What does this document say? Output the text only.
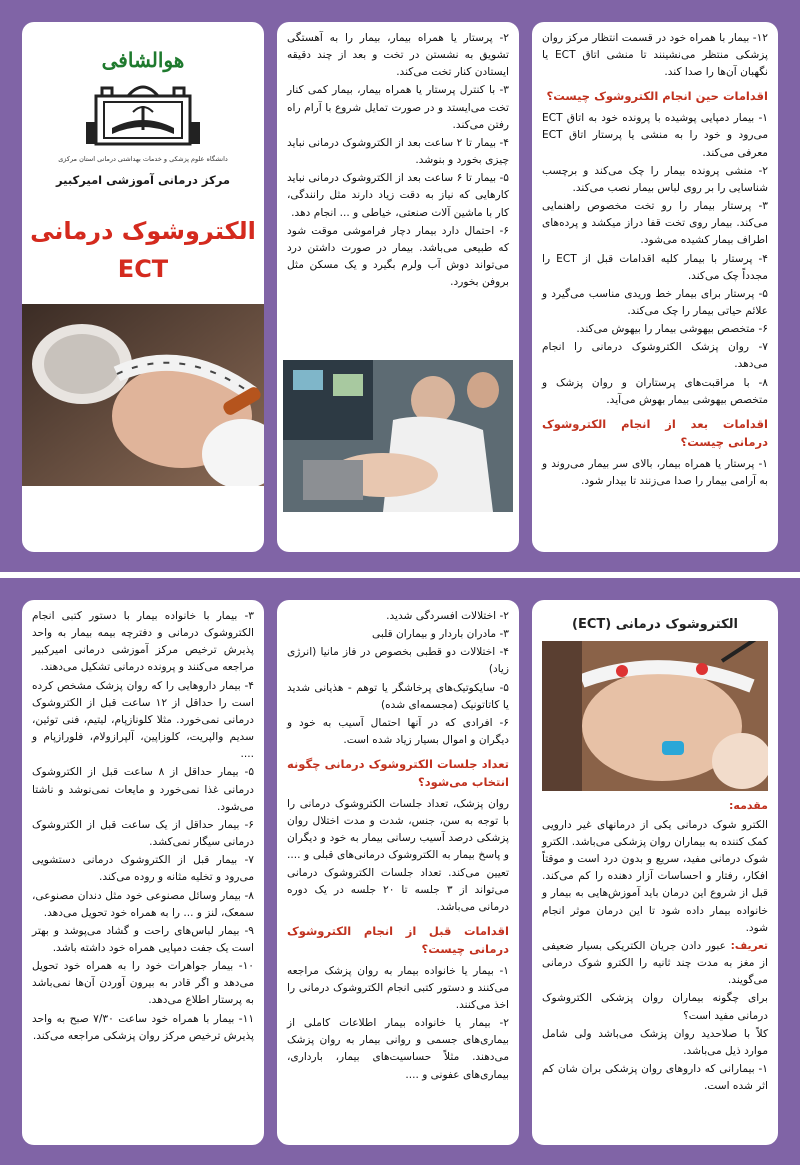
هوالشافی
دانشگاه علوم پزشکی و خدمات بهداشتی درمانی استان مرکزی
مرکز درمانی آموزشی امیرکبیر
الکتروشوک درمانی ECT

۲- پرستار یا همراه بیمار، بیمار را به آهستگی تشویق به نشستن در تخت و بعد از چند دقیقه ایستادن کنار تخت می‌کند.

۳- با کنترل پرستار یا همراه بیمار، بیمار کمی کنار تخت می‌ایستد و در صورت تمایل شروع با آرام راه رفتن می‌کند.

۴- بیمار تا ۲ ساعت بعد از الکتروشوک درمانی نباید چیزی بخورد و بنوشد.

۵- بیمار تا ۶ ساعت بعد از الکتروشوک درمانی نباید کارهایی که نیاز به دقت زیاد دارند مثل رانندگی، کار با ماشین آلات صنعتی، خیاطی و ... انجام دهد.

۶- احتمال دارد بیمار دچار فراموشی موقت شود که طبیعی می‌باشد. بیمار در صورت داشتن درد می‌تواند دوش آب ولرم بگیرد و یک مسکن مثل بروفن بخورد.

۱۲- بیمار با همراه خود در قسمت انتظار مرکز روان پزشکی منتظر می‌نشینند تا منشی اتاق ECT یا نگهبان آن‌ها را صدا کند.

اقدامات حین انجام الکتروشوک چیست؟

۱- بیمار دمپایی پوشیده با پرونده خود به اتاق ECT می‌رود و خود را به منشی یا پرستار اتاق ECT معرفی می‌کند.

۲- منشی پرونده بیمار را چک می‌کند و برچسب شناسایی را بر روی لباس بیمار نصب می‌کند.

۳- پرستار بیمار را رو تخت مخصوص راهنمایی می‌کند. بیمار روی تخت قفا دراز میکشد و پرده‌های اطراف بیمار کشیده می‌شود.

۴- پرستار با بیمار کلیه اقدامات قبل از ECT را مجدداً چک می‌کند.

۵- پرستار برای بیمار خط وریدی مناسب می‌گیرد و علائم حیاتی بیمار را چک می‌کند.

۶- متخصص بیهوشی بیمار را بیهوش می‌کند.

۷- روان پزشک الکتروشوک درمانی را انجام می‌دهد.

۸- با مراقبت‌های پرستاران و روان پزشک و متخصص بیهوشی بیمار بهوش می‌آید.

اقدامات بعد از انجام الکتروشوک درمانی چیست؟

۱- پرستار یا همراه بیمار، بالای سر بیمار می‌روند و به آرامی بیمار را صدا می‌زنند تا بیدار شود.

۳- بیمار با خانواده بیمار با دستور کتبی انجام الکتروشوک درمانی و دفترچه بیمه بیمار به واحد پذیرش ترخیص مرکز آموزشی درمانی امیرکبیر مراجعه می‌کنند و پرونده درمانی تشکیل می‌دهند.

۴- بیمار داروهایی را که روان پزشک مشخص کرده است را حداقل از ۱۲ ساعت قبل از الکتروشوک درمانی نمی‌خورد. مثلا کلونازپام، لیتیم، فنی توئین، سدیم والپریت، کلوزاپین، آلپرازولام، فلورازپام و ....

۵- بیمار حداقل از ۸ ساعت قبل از الکتروشوک درمانی غذا نمی‌خورد و مایعات نمی‌نوشد و ناشتا می‌شود.

۶- بیمار حداقل از یک ساعت قبل از الکتروشوک درمانی سیگار نمی‌کشد.

۷- بیمار قبل از الکتروشوک درمانی دستشویی می‌رود و تخلیه مثانه و روده می‌کند.

۸- بیمار وسائل مصنوعی خود مثل دندان مصنوعی، سمعک، لنز و ... را به همراه خود تحویل می‌دهد.

۹- بیمار لباس‌های راحت و گشاد می‌پوشد و بهتر است یک جفت دمپایی همراه خود داشته باشد.

۱۰- بیمار جواهرات خود را به همراه خود تحویل می‌دهد و اگر قادر به بیرون آوردن آن‌ها نمی‌باشد به پرستار اطلاع می‌دهد.

۱۱- بیمار با همراه خود ساعت ۷/۳۰ صبح به واحد پذیرش ترخیص مرکز روان پزشکی مراجعه می‌کند.

۲- اختلالات افسردگی شدید.

۳- مادران باردار و بیماران قلبی

۴- اختلالات دو قطبی بخصوص در فاز مانیا (انرژی زیاد)

۵- سایکوتیک‌های پرخاشگر یا توهم - هذیانی شدید یا کاتاتونیک (مجسمه‌ای شده)

۶- افرادی که در آنها احتمال آسیب به خود و دیگران و اموال بسیار زیاد شده است.

تعداد جلسات الکتروشوک درمانی چگونه انتخاب می‌شود؟

روان پزشک، تعداد جلسات الکتروشوک درمانی را با توجه به سن، جنس، شدت و مدت اختلال روان پزشکی درصد آسیب رسانی بیمار به خود و دیگران و پاسخ بیمار به الکتروشوک درمانی‌های قبلی و .... تعیین می‌کند. تعداد جلسات الکتروشوک درمانی می‌تواند از ۳ جلسه تا ۲۰ جلسه در یک دوره درمانی می‌باشد.

اقدامات قبل از انجام الکتروشوک درمانی چیست؟

۱- بیمار یا خانواده بیمار به روان پزشک مراجعه می‌کنند و دستور کتبی انجام الکتروشوک درمانی را اخذ می‌کنند.

۲- بیمار یا خانواده بیمار اطلاعات کاملی از بیماری‌های جسمی و روانی بیمار به روان پزشک می‌دهند. مثلاً حساسیت‌های بیمار، بارداری، بیماری‌های عفونی و ....

الکتروشوک درمانی (ECT)
مقدمه:

الکترو شوک درمانی یکی از درمانهای غیر دارویی کمک کننده به بیماران روان پزشکی می‌باشد. الکترو شوک درمانی مفید، سریع و بدون درد است و موقتاً افکار، رفتار و احساسات آزار دهنده را کم می‌کند. قبل از شروع این درمان باید آموزش‌هایی به بیمار و خانواده بیمار داده شود تا این درمان موثر انجام شود.

تعریف: عبور دادن جریان الکتریکی بسیار ضعیفی از مغز به مدت چند ثانیه را الکترو شوک درمانی می‌گویند.

برای چگونه بیماران روان پزشکی الکتروشوک درمانی مفید است؟

کلاً با صلاحدید روان پزشک می‌باشد ولی شامل موارد ذیل می‌باشد.

۱- بیمارانی که داروهای روان پزشکی بران شان کم اثر شده است.
